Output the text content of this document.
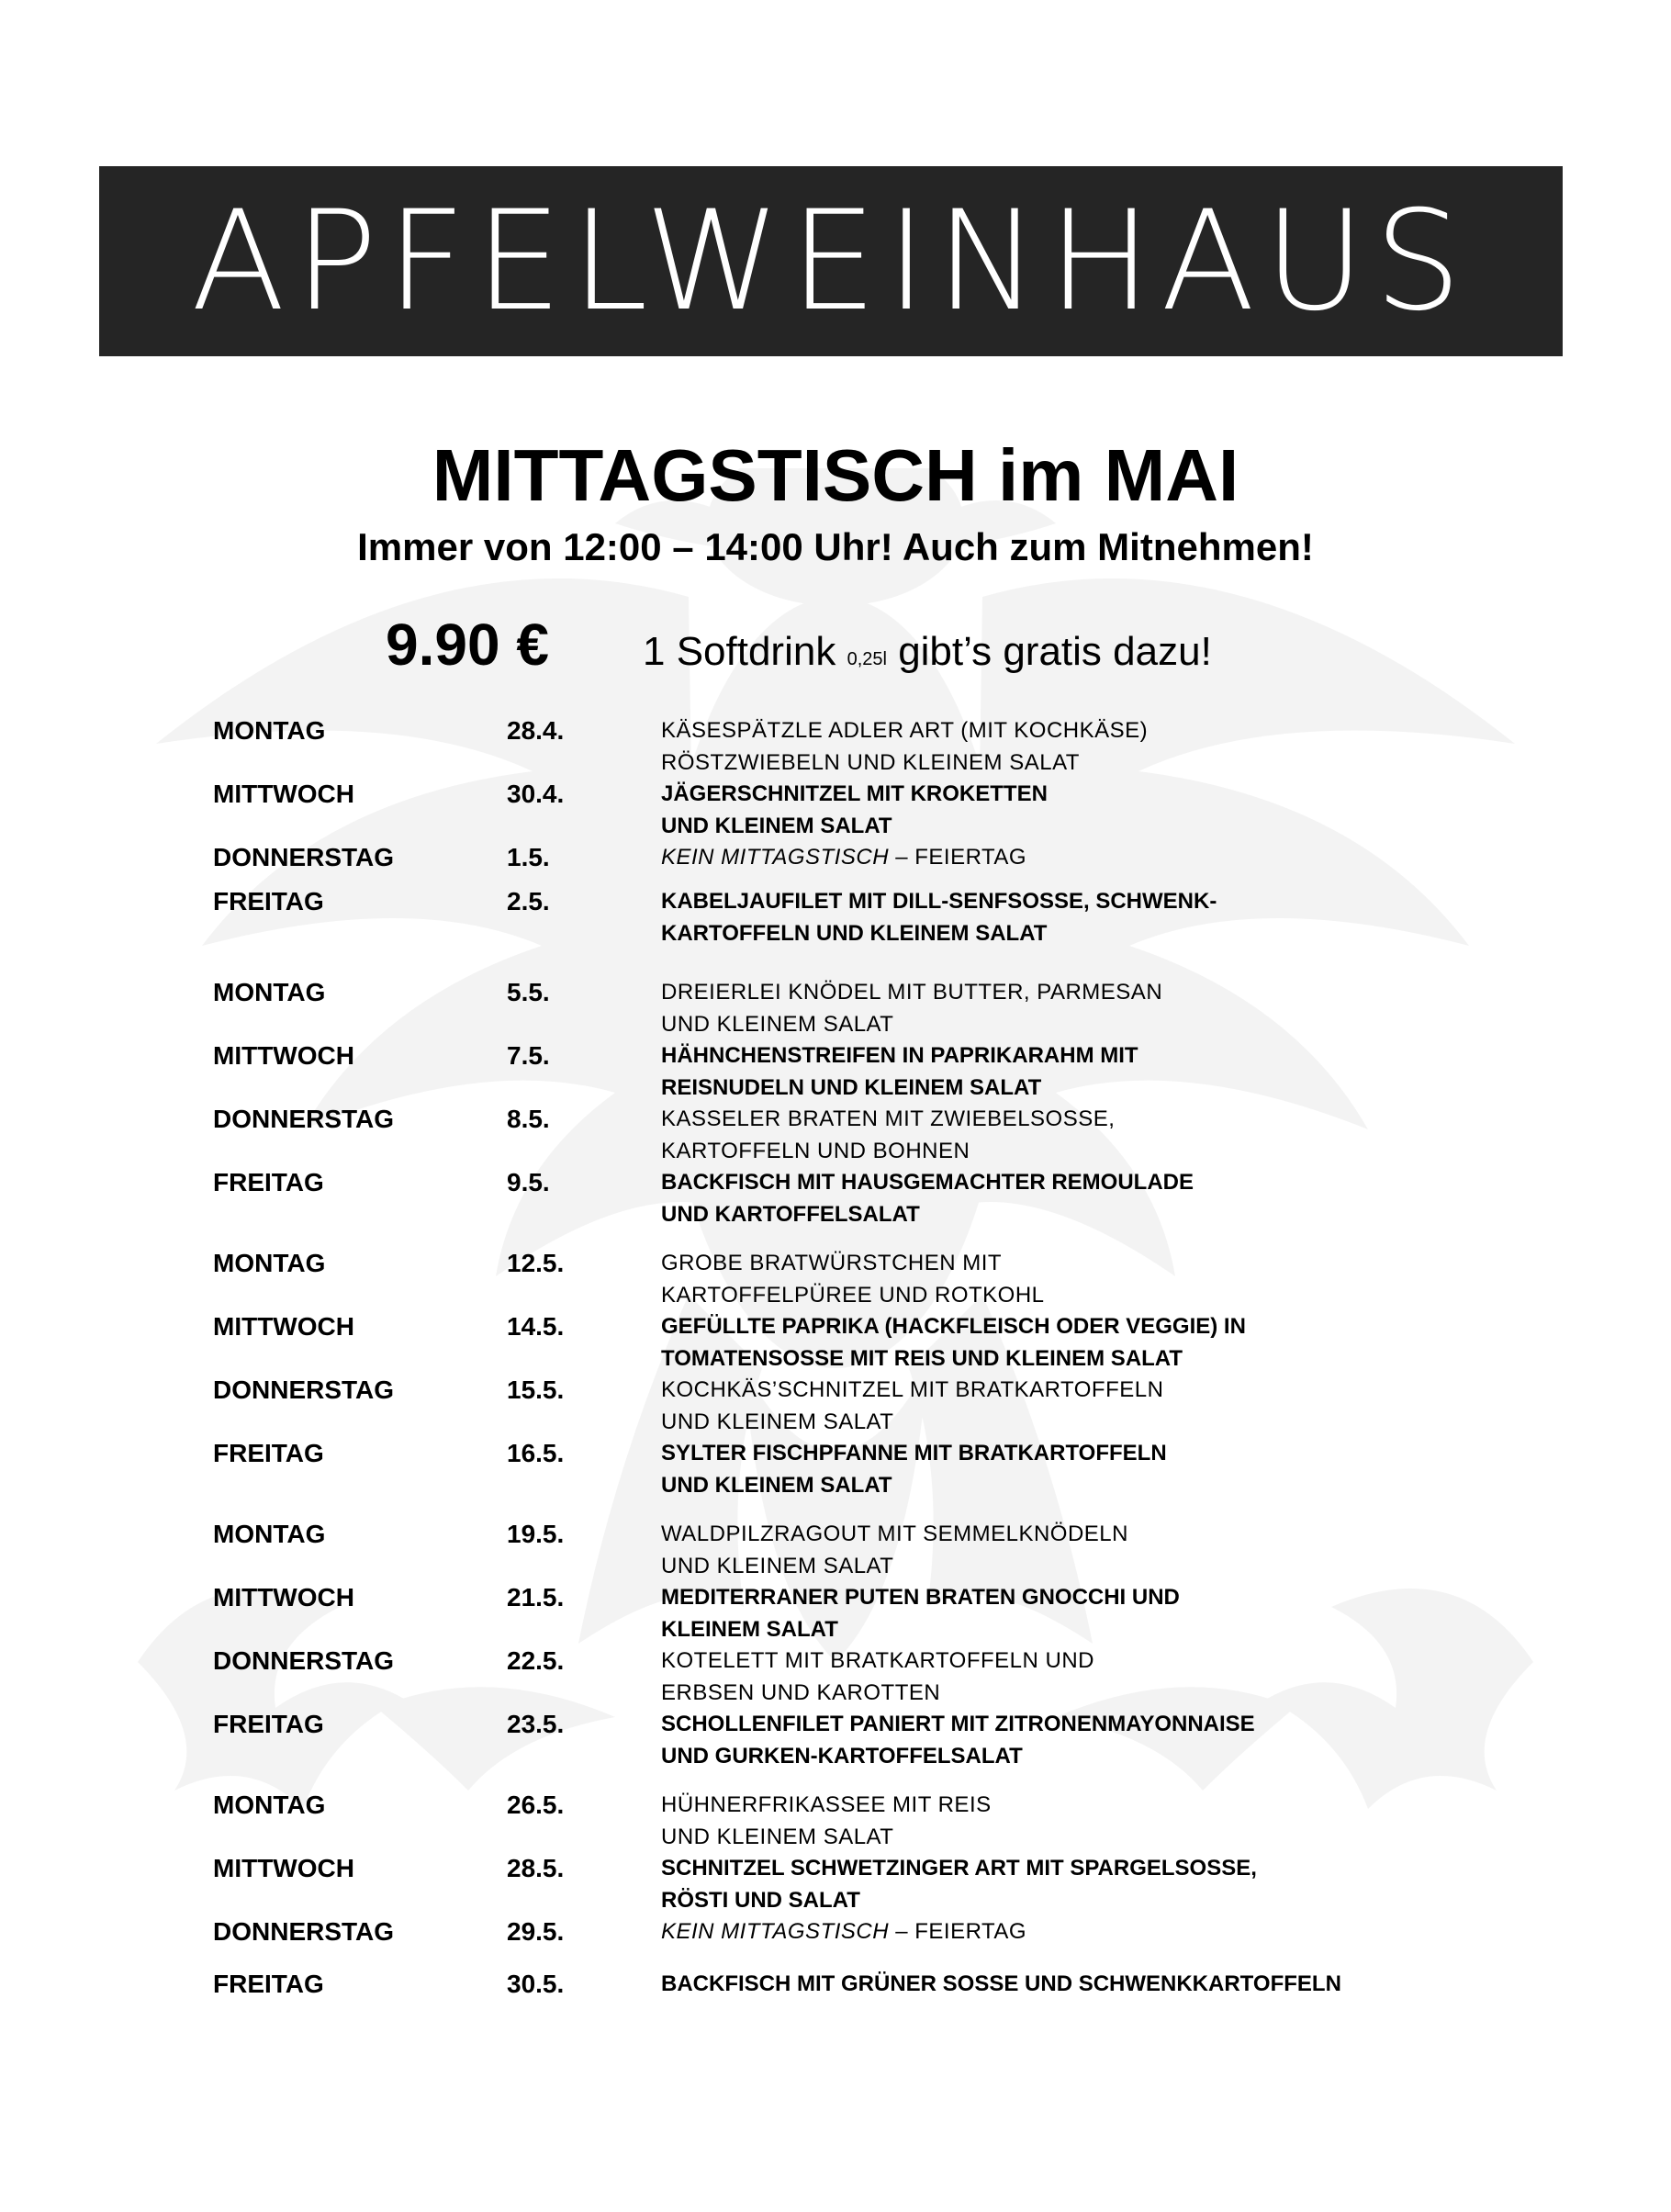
APFELWEINHAUS
MITTAGSTISCH im MAI
Immer von 12:00 – 14:00 Uhr! Auch zum Mitnehmen!
9.90 €	1 Softdrink 0,25l gibt’s gratis dazu!
MONTAG	28.4.	KÄSESPÄTZLE ADLER ART (MIT KOCHKÄSE)
RÖSTZWIEBELN UND KLEINEM SALAT
MITTWOCH	30.4.	JÄGERSCHNITZEL MIT KROKETTEN
UND KLEINEM SALAT
DONNERSTAG	1.5.	KEIN MITTAGSTISCH – FEIERTAG
FREITAG	2.5.	KABELJAUFILET MIT DILL-SENFSOSSE, SCHWENK-
KARTOFFELN UND KLEINEM SALAT
MONTAG	5.5.	DREIERLEI KNÖDEL MIT BUTTER, PARMESAN
UND KLEINEM SALAT
MITTWOCH	7.5.	HÄHNCHENSTREIFEN IN PAPRIKARAHM MIT
REISNUDELN UND KLEINEM SALAT
DONNERSTAG	8.5.	KASSELER BRATEN MIT ZWIEBELSOSSE,
KARTOFFELN UND BOHNEN
FREITAG	9.5.	BACKFISCH MIT HAUSGEMACHTER REMOULADE
UND KARTOFFELSALAT
MONTAG	12.5.	GROBE BRATWÜRSTCHEN MIT
KARTOFFELPÜREE UND ROTKOHL
MITTWOCH	14.5.	GEFÜLLTE PAPRIKA (HACKFLEISCH ODER VEGGIE) IN
TOMATENSOSSE MIT REIS UND KLEINEM SALAT
DONNERSTAG	15.5.	KOCHKÄS’SCHNITZEL MIT BRATKARTOFFELN
UND KLEINEM SALAT
FREITAG	16.5.	SYLTER FISCHPFANNE MIT BRATKARTOFFELN
UND KLEINEM SALAT
MONTAG	19.5.	WALDPILZRAGOUT MIT SEMMELKNÖDELN
UND KLEINEM SALAT
MITTWOCH	21.5.	MEDITERRANER PUTEN BRATEN GNOCCHI UND
KLEINEM SALAT
DONNERSTAG	22.5.	KOTELETT MIT BRATKARTOFFELN UND
ERBSEN UND KAROTTEN
FREITAG	23.5.	SCHOLLENFILET PANIERT MIT ZITRONENMAYONNAISE
UND GURKEN-KARTOFFELSALAT
MONTAG	26.5.	HÜHNERFRIKASSEE MIT REIS
UND KLEINEM SALAT
MITTWOCH	28.5.	SCHNITZEL SCHWETZINGER ART MIT SPARGELSOSSE,
RÖSTI UND SALAT
DONNERSTAG	29.5.	KEIN MITTAGSTISCH – FEIERTAG
FREITAG	30.5.	BACKFISCH MIT GRÜNER SOSSE UND SCHWENKKARTOFFELN
